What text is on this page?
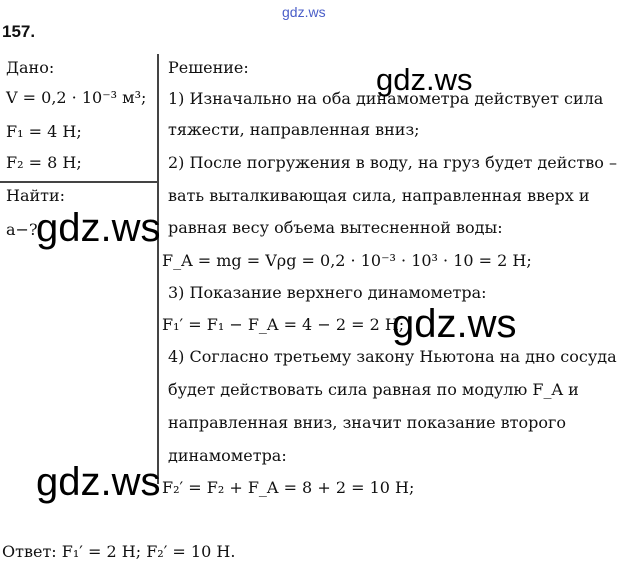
gdz.ws
157.
Дано:
V = 0,2 · 10⁻³ м³;
F₁ = 4 Н;
F₂ = 8 Н;
Найти:
a−?
Решение:
1) Изначально на оба динамометра действует сила
тяжести, направленная вниз;
2) После погружения в воду, на груз будет действо –
вать выталкивающая сила, направленная вверх и
равная весу объема вытесненной воды:
F_A = mg = Vρg = 0,2 · 10⁻³ · 10³ · 10 = 2 Н;
3) Показание верхнего динамометра:
F₁′ = F₁ − F_A = 4 − 2 = 2 Н;
4) Согласно третьему закону Ньютона на дно сосуда
будет действовать сила равная по модулю F_A и
направленная вниз, значит показание второго
динамометра:
F₂′ = F₂ + F_A = 8 + 2 = 10 Н;
Ответ: F₁′ = 2 Н; F₂′ = 10 Н.
gdz.ws
gdz.ws
gdz.ws
gdz.ws
